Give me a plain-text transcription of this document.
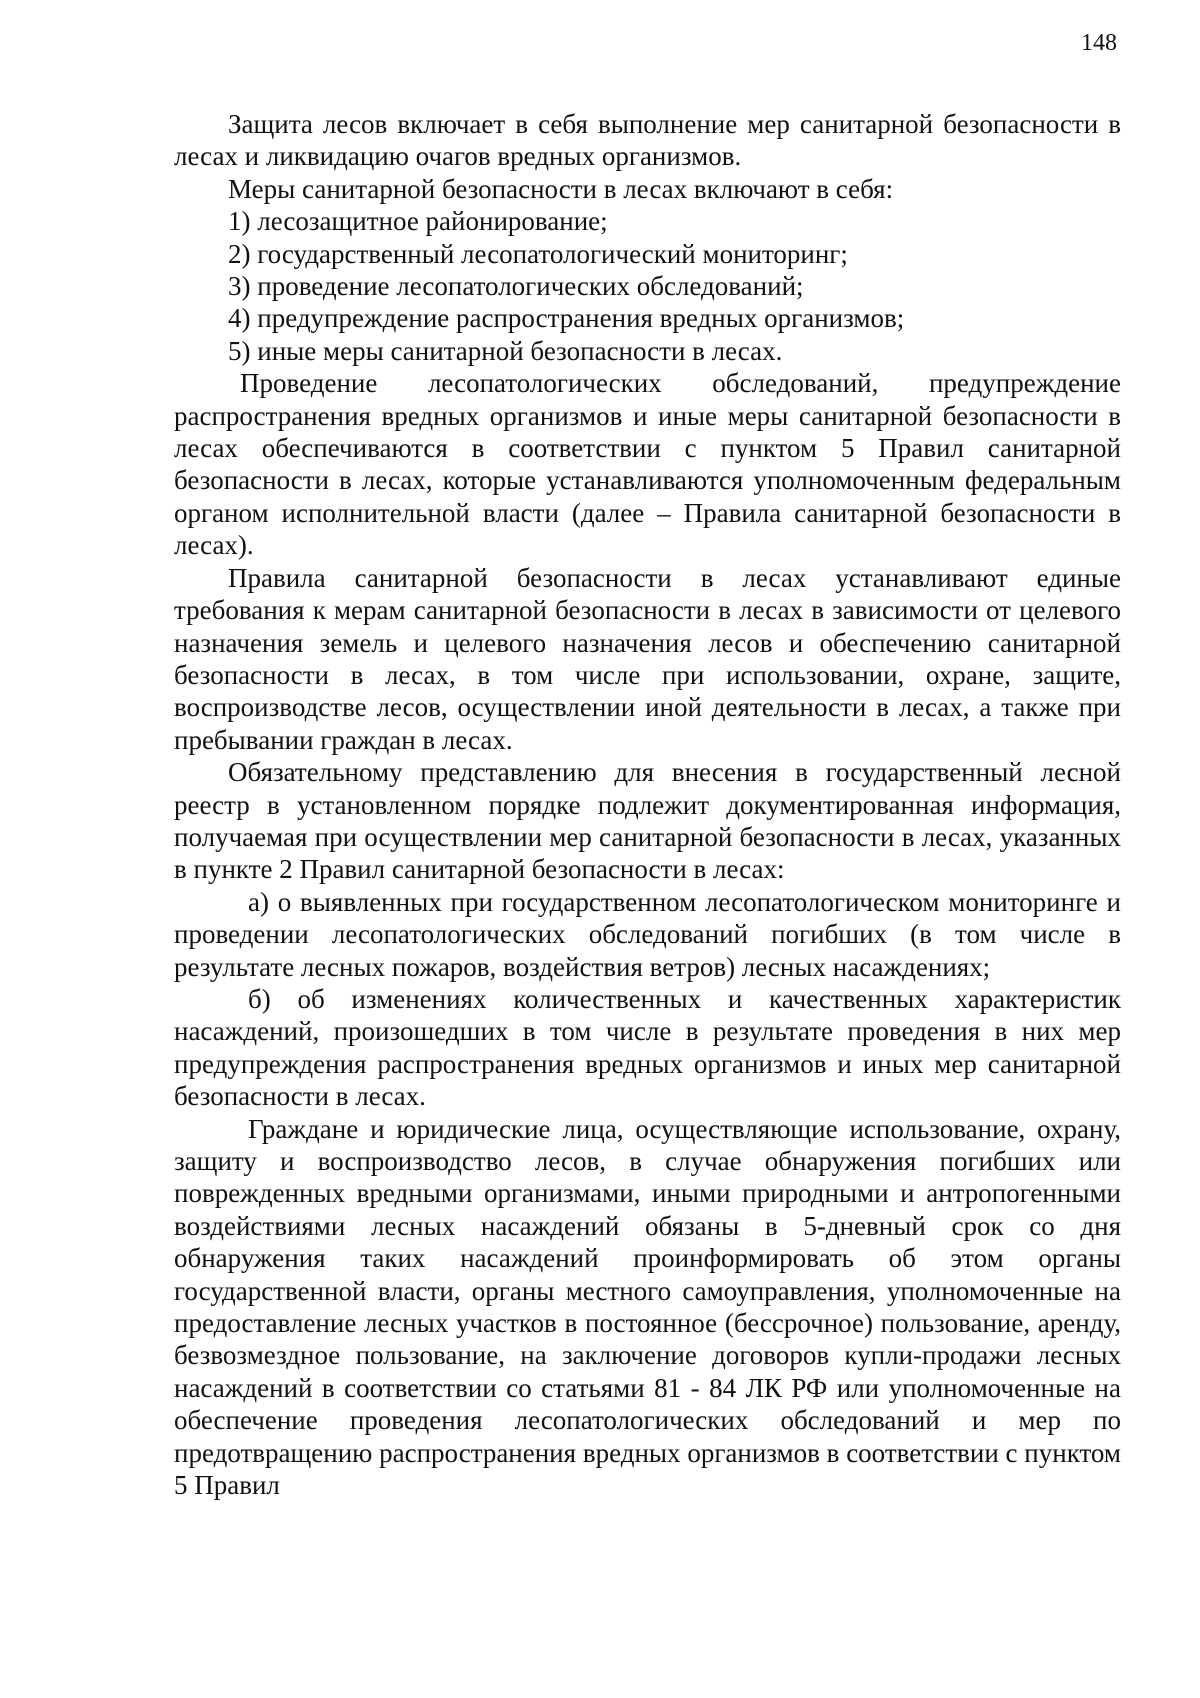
148

Защита лесов включает в себя выполнение мер санитарной безопасности в лесах и ликвидацию очагов вредных организмов.

Меры санитарной безопасности в лесах включают в себя:

1) лесозащитное районирование;

2) государственный лесопатологический мониторинг;

3) проведение лесопатологических обследований;

4) предупреждение распространения вредных организмов;

5) иные меры санитарной безопасности в лесах.

Проведение лесопатологических обследований, предупреждение распространения вредных организмов и иные меры санитарной безопасности в лесах обеспечиваются в соответствии с пунктом 5 Правил санитарной безопасности в лесах, которые устанавливаются уполномоченным федеральным органом исполнительной власти (далее – Правила санитарной безопасности в лесах).

Правила санитарной безопасности в лесах устанавливают единые требования к мерам санитарной безопасности в лесах в зависимости от целевого назначения земель и целевого назначения лесов и обеспечению санитарной безопасности в лесах, в том числе при использовании, охране, защите, воспроизводстве лесов, осуществлении иной деятельности в лесах, а также при пребывании граждан в лесах.

Обязательному представлению для внесения в государственный лесной реестр в установленном порядке подлежит документированная информация, получаемая при осуществлении мер санитарной безопасности в лесах, указанных в пункте 2 Правил санитарной безопасности в лесах:

а) о выявленных при государственном лесопатологическом мониторинге и проведении лесопатологических обследований погибших (в том числе в результате лесных пожаров, воздействия ветров) лесных насаждениях;

б) об изменениях количественных и качественных характеристик насаждений, произошедших в том числе в результате проведения в них мер предупреждения распространения вредных организмов и иных мер санитарной безопасности в лесах.

Граждане и юридические лица, осуществляющие использование, охрану, защиту и воспроизводство лесов, в случае обнаружения погибших или поврежденных вредными организмами, иными природными и антропогенными воздействиями лесных насаждений обязаны в 5-дневный срок со дня обнаружения таких насаждений проинформировать об этом органы государственной власти, органы местного самоуправления, уполномоченные на предоставление лесных участков в постоянное (бессрочное) пользование, аренду, безвозмездное пользование, на заключение договоров купли-продажи лесных насаждений в соответствии со статьями 81 - 84 ЛК РФ или уполномоченные на обеспечение проведения лесопатологических обследований и мер по предотвращению распространения вредных организмов в соответствии с пунктом 5 Правил
